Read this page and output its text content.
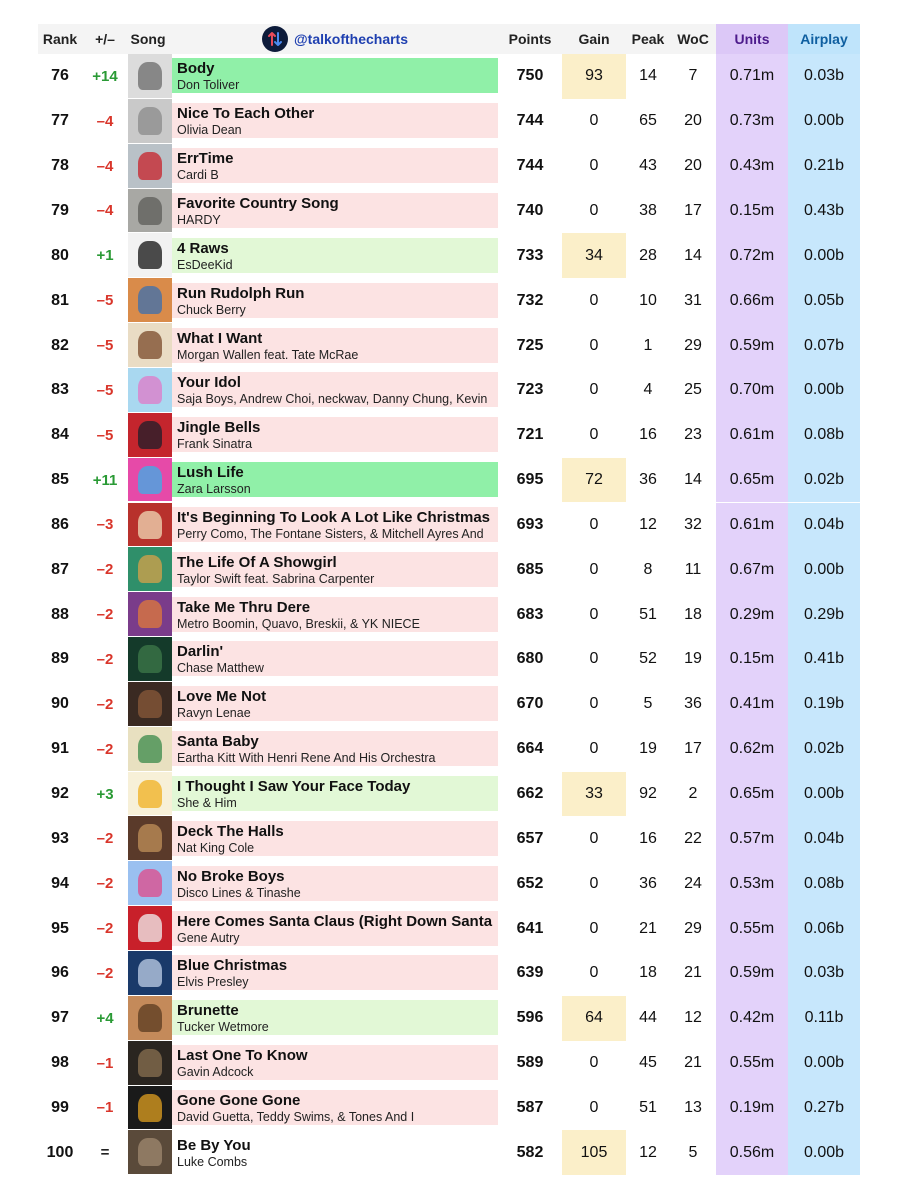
Rank	+/–	Song	@talkofthecharts	Points	Gain	Peak WoC	Units	Airplay
76	+14	Body
Don Toliver
750	93	14	7	0.71m	0.03b
77	–4	Nice To Each Other
Olivia Dean
744	0	65	20	0.73m	0.00b
78	–4	ErrTime
Cardi B
744	0	43	20	0.43m	0.21b
79	–4	Favorite Country Song
HARDY
740	0	38	17	0.15m	0.43b
80	+1	4 Raws
EsDeeKid
733	34	28	14	0.72m	0.00b
81	–5	Run Rudolph Run
Chuck Berry
732	0	10	31	0.66m	0.05b
82	–5	What I Want
Morgan Wallen feat. Tate McRae
725	0	1	29	0.59m	0.07b
83	–5	Your Idol
Saja Boys, Andrew Choi, neckwav, Danny Chung, Kevin
723	0	4	25	0.70m	0.00b
84	–5	Jingle Bells
Frank Sinatra
721	0	16	23	0.61m	0.08b
85	+11	Lush Life
Zara Larsson
695	72	36	14	0.65m	0.02b
86	–3	It's Beginning To Look A Lot Like Christmas
Perry Como, The Fontane Sisters, & Mitchell Ayres And
693	0	12	32	0.61m	0.04b
87	–2	The Life Of A Showgirl
Taylor Swift feat. Sabrina Carpenter
685	0	8	11	0.67m	0.00b
88	–2	Take Me Thru Dere
Metro Boomin, Quavo, Breskii, & YK NIECE
683	0	51	18	0.29m	0.29b
89	–2	Darlin'
Chase Matthew
680	0	52	19	0.15m	0.41b
90	–2	Love Me Not
Ravyn Lenae
670	0	5	36	0.41m	0.19b
91	–2	Santa Baby
Eartha Kitt With Henri Rene And His Orchestra
664	0	19	17	0.62m	0.02b
92	+3	I Thought I Saw Your Face Today
She & Him
662	33	92	2	0.65m	0.00b
93	–2	Deck The Halls
Nat King Cole
657	0	16	22	0.57m	0.04b
94	–2	No Broke Boys
Disco Lines & Tinashe
652	0	36	24	0.53m	0.08b
95	–2	Here Comes Santa Claus (Right Down Santa
Gene Autry
641	0	21	29	0.55m	0.06b
96	–2	Blue Christmas
Elvis Presley
639	0	18	21	0.59m	0.03b
97	+4	Brunette
Tucker Wetmore
596	64	44	12	0.42m	0.11b
98	–1	Last One To Know
Gavin Adcock
589	0	45	21	0.55m	0.00b
99	–1	Gone Gone Gone
David Guetta, Teddy Swims, & Tones And I
587	0	51	13	0.19m	0.27b
100	=	Be By You
Luke Combs
582	105	12	5	0.56m	0.00b
